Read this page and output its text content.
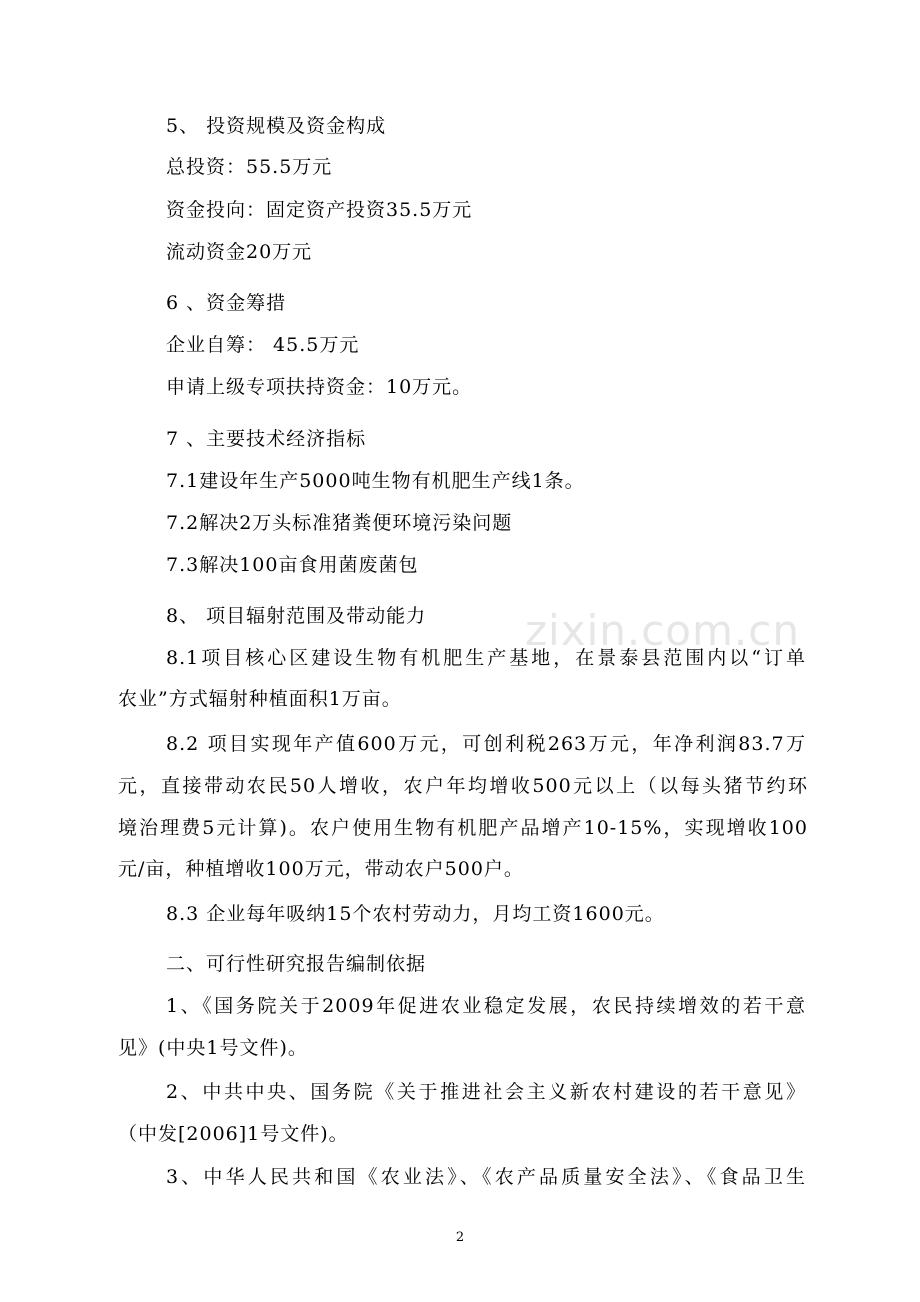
zixin.com.cn
5、 投资规模及资金构成
总投资：55.5万元
资金投向：固定资产投资35.5万元
流动资金20万元
6 、资金筹措
企业自筹： 45.5万元
申请上级专项扶持资金：10万元。
7 、主要技术经济指标
7.1建设年生产5000吨生物有机肥生产线1条。
7.2解决2万头标准猪粪便环境污染问题
7.3解决100亩食用菌废菌包
8、 项目辐射范围及带动能力
8.1项目核心区建设生物有机肥生产基地，在景泰县范围内以“订单
农业”方式辐射种植面积1万亩。
8.2 项目实现年产值600万元，可创利税263万元，年净利润83.7万
元，直接带动农民50人增收，农户年均增收500元以上（以每头猪节约环
境治理费5元计算)。农户使用生物有机肥产品增产10-15%，实现增收100
元/亩，种植增收100万元，带动农户500户。
8.3 企业每年吸纳15个农村劳动力，月均工资1600元。
二、可行性研究报告编制依据
1、《国务院关于2009年促进农业稳定发展，农民持续增效的若干意
见》(中央1号文件)。
2、中共中央、国务院《关于推进社会主义新农村建设的若干意见》
（中发[2006]1号文件)。
3、中华人民共和国《农业法》、《农产品质量安全法》、《食品卫生
2
